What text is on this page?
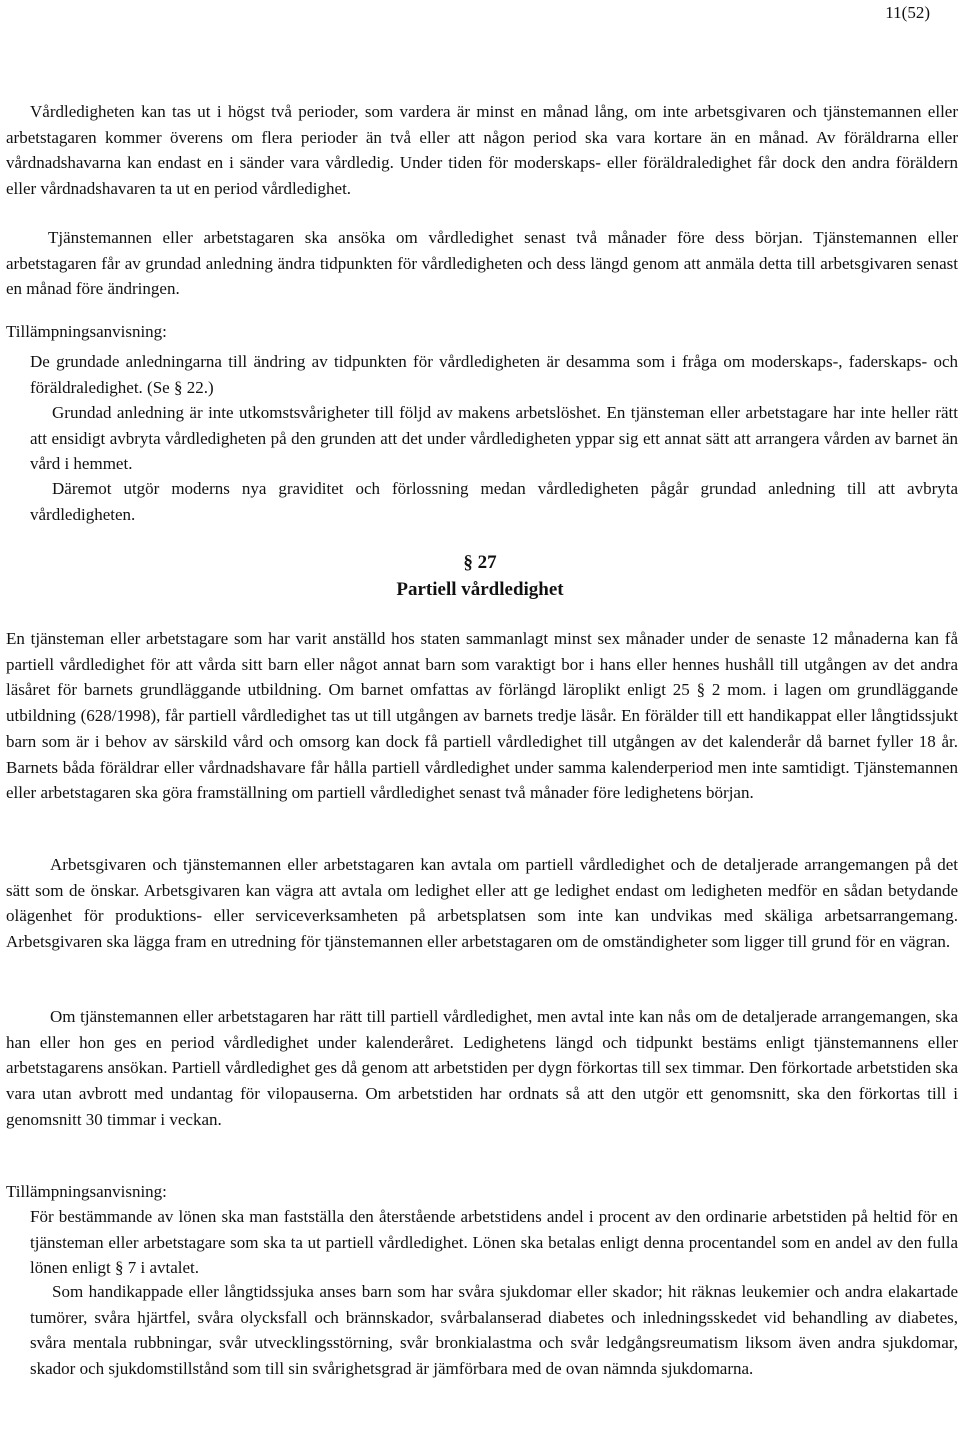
11(52)

Vårdledigheten kan tas ut i högst två perioder, som vardera är minst en månad lång, om inte arbetsgivaren och tjänstemannen eller arbetstagaren kommer överens om flera perioder än två eller att någon period ska vara kortare än en månad. Av föräldrarna eller vårdnadshavarna kan endast en i sänder vara vårdledig. Under tiden för moderskaps- eller föräldraledighet får dock den andra föräldern eller vårdnadshavaren ta ut en period vårdledighet.

Tjänstemannen eller arbetstagaren ska ansöka om vårdledighet senast två månader före dess början. Tjänstemannen eller arbetstagaren får av grundad anledning ändra tidpunkten för vårdledigheten och dess längd genom att anmäla detta till arbetsgivaren senast en månad före ändringen.

Tillämpningsanvisning:

De grundade anledningarna till ändring av tidpunkten för vårdledigheten är desamma som i fråga om moderskaps-, faderskaps- och föräldraledighet. (Se § 22.)

Grundad anledning är inte utkomstsvårigheter till följd av makens arbetslöshet. En tjänsteman eller arbetstagare har inte heller rätt att ensidigt avbryta vårdledigheten på den grunden att det under vårdledigheten yppar sig ett annat sätt att arrangera vården av barnet än vård i hemmet.

Däremot utgör moderns nya graviditet och förlossning medan vårdledigheten pågår grundad anledning till att avbryta vårdledigheten.

§ 27
Partiell vårdledighet

En tjänsteman eller arbetstagare som har varit anställd hos staten sammanlagt minst sex månader under de senaste 12 månaderna kan få partiell vårdledighet för att vårda sitt barn eller något annat barn som varaktigt bor i hans eller hennes hushåll till utgången av det andra läsåret för barnets grundläggande utbildning. Om barnet omfattas av förlängd läroplikt enligt 25 § 2 mom. i lagen om grundläggande utbildning (628/1998), får partiell vårdledighet tas ut till utgången av barnets tredje läsår. En förälder till ett handikappat eller långtidssjukt barn som är i behov av särskild vård och omsorg kan dock få partiell vårdledighet till utgången av det kalenderår då barnet fyller 18 år. Barnets båda föräldrar eller vårdnadshavare får hålla partiell vårdledighet under samma kalenderperiod men inte samtidigt. Tjänstemannen eller arbetstagaren ska göra framställning om partiell vårdledighet senast två månader före ledighetens början.

Arbetsgivaren och tjänstemannen eller arbetstagaren kan avtala om partiell vårdledighet och de detaljerade arrangemangen på det sätt som de önskar. Arbetsgivaren kan vägra att avtala om ledighet eller att ge ledighet endast om ledigheten medför en sådan betydande olägenhet för produktions- eller serviceverksamheten på arbetsplatsen som inte kan undvikas med skäliga arbetsarrangemang. Arbetsgivaren ska lägga fram en utredning för tjänstemannen eller arbetstagaren om de omständigheter som ligger till grund för en vägran.

Om tjänstemannen eller arbetstagaren har rätt till partiell vårdledighet, men avtal inte kan nås om de detaljerade arrangemangen, ska han eller hon ges en period vårdledighet under kalenderåret. Ledighetens längd och tidpunkt bestäms enligt tjänstemannens eller arbetstagarens ansökan. Partiell vårdledighet ges då genom att arbetstiden per dygn förkortas till sex timmar. Den förkortade arbetstiden ska vara utan avbrott med undantag för vilopauserna. Om arbetstiden har ordnats så att den utgör ett genomsnitt, ska den förkortas till i genomsnitt 30 timmar i veckan.

Tillämpningsanvisning:

För bestämmande av lönen ska man fastställa den återstående arbetstidens andel i procent av den ordinarie arbetstiden på heltid för en tjänsteman eller arbetstagare som ska ta ut partiell vårdledighet. Lönen ska betalas enligt denna procentandel som en andel av den fulla lönen enligt § 7 i avtalet.

Som handikappade eller långtidssjuka anses barn som har svåra sjukdomar eller skador; hit räknas leukemier och andra elakartade tumörer, svåra hjärtfel, svåra olycksfall och brännskador, svårbalanserad diabetes och inledningsskedet vid behandling av diabetes, svåra mentala rubbningar, svår utvecklingsstörning, svår bronkialastma och svår ledgångsreumatism liksom även andra sjukdomar, skador och sjukdomstillstånd som till sin svårighetsgrad är jämförbara med de ovan nämnda sjukdomarna.
